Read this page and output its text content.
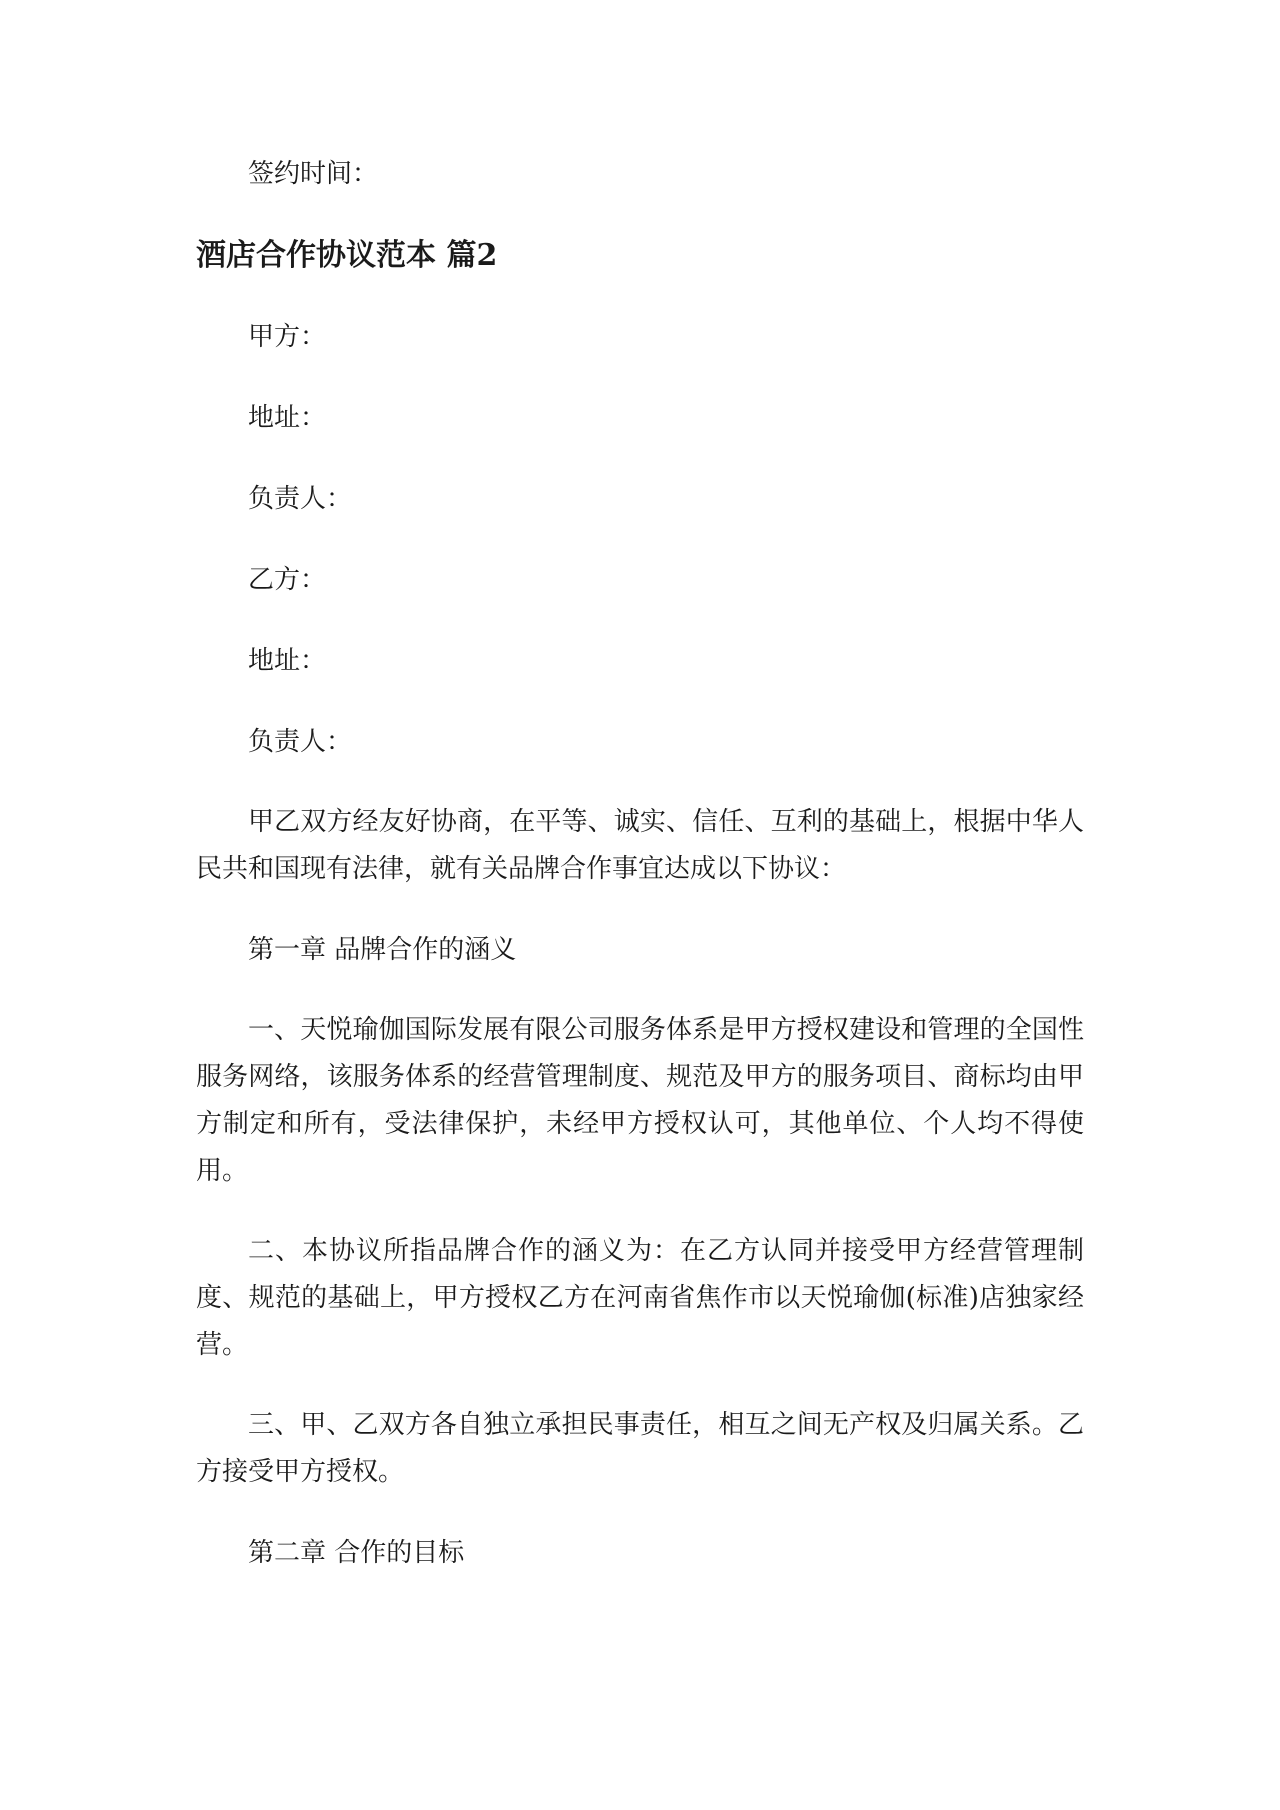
签约时间：

酒店合作协议范本 篇2

甲方：

地址：

负责人：

乙方：

地址：

负责人：

甲乙双方经友好协商，在平等、诚实、信任、互利的基础上，根据中华人民共和国现有法律，就有关品牌合作事宜达成以下协议：

第一章 品牌合作的涵义

一、天悦瑜伽国际发展有限公司服务体系是甲方授权建设和管理的全国性服务网络，该服务体系的经营管理制度、规范及甲方的服务项目、商标均由甲方制定和所有，受法律保护，未经甲方授权认可，其他单位、个人均不得使用。

二、本协议所指品牌合作的涵义为：在乙方认同并接受甲方经营管理制度、规范的基础上，甲方授权乙方在河南省焦作市以天悦瑜伽(标准)店独家经营。

三、甲、乙双方各自独立承担民事责任，相互之间无产权及归属关系。乙方接受甲方授权。

第二章 合作的目标
